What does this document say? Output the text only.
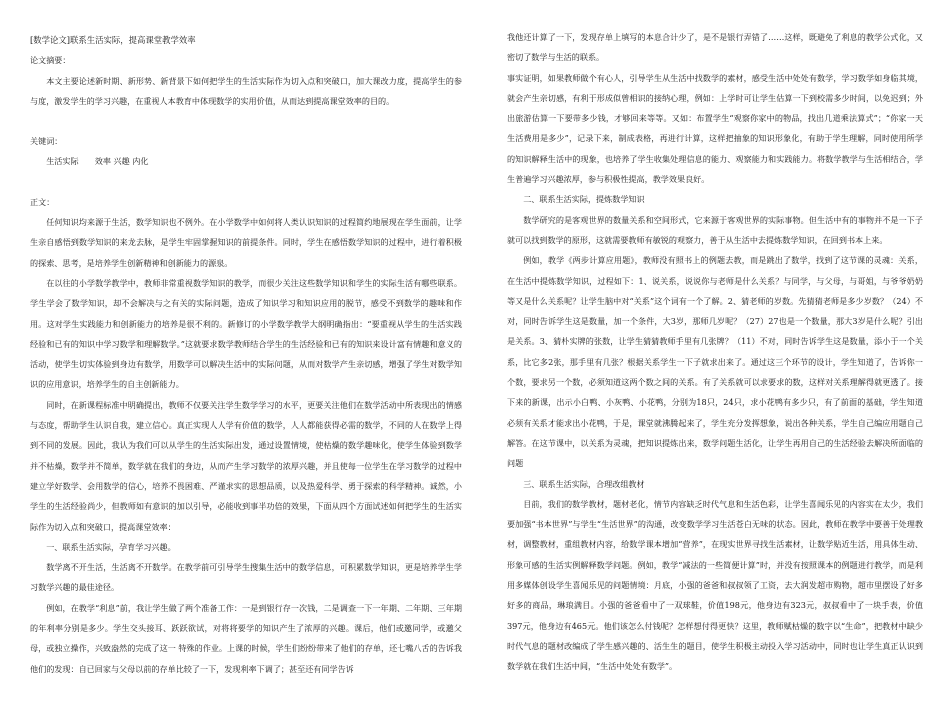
[数学论文]联系生活实际，提高课堂教学效率

论文摘要：

本文主要论述新时期、新形势、新背景下如何把学生的生活实际作为切入点和突破口，加大课改力度，提高学生的参与度，激发学生的学习兴趣，在重视人本教育中体现数学的实用价值，从而达到提高课堂效率的目的。

关键词：

生活实际　　效率 兴趣 内化

正文：

任何知识均来源于生活，数学知识也不例外。在小学数学中如何将人类认识知识的过程简约地展现在学生面前，让学生亲自感悟到数学知识的来龙去脉，是学生牢固掌握知识的前提条件。同时，学生在感悟数学知识的过程中，进行着积极的探索、思考，是培养学生创新精神和创新能力的源泉。

在以往的小学数学教学中，教师非常重视数学知识的教学，而很少关注这些数学知识和学生的实际生活有哪些联系。学生学会了数学知识，却不会解决与之有关的实际问题，造成了知识学习和知识应用的脱节，感受不到数学的趣味和作用。这对学生实践能力和创新能力的培养是很不利的。新修订的小学数学教学大纲明确指出：“要重视从学生的生活实践经验和已有的知识中学习数学和理解数学。”这就要求数学教师结合学生的生活经验和已有的知识来设计富有情趣和意义的活动，使学生切实体验到身边有数学，用数学可以解决生活中的实际问题，从而对数学产生亲切感，增强了学生对数学知识的应用意识，培养学生的自主创新能力。

同时，在新课程标准中明确提出，教师不仅要关注学生数学学习的水平，更要关注他们在数学活动中所表现出的情感与态度，帮助学生认识自我，建立信心。真正实现人人学有价值的数学，人人都能获得必需的数学，不同的人在数学上得到不同的发展。因此，我认为我们可以从学生的生活实际出发，通过设置情境，使枯燥的数学趣味化，使学生体验到数学并不枯燥，数学并不简单，数学就在我们的身边，从而产生学习数学的浓厚兴趣，并且使每一位学生在学习数学的过程中建立学好数学、会用数学的信心，培养不畏困难、严谨求实的思想品质，以及热爱科学、勇于探索的科学精神。诚然，小学生的生活经验尚少，但教师如有意识的加以引导，必能收到事半功倍的效果，下面从四个方面试述如何把学生的生活实际作为切入点和突破口，提高课堂效率：

一、联系生活实际，孕育学习兴趣。

数学离不开生活，生活离不开数学。在教学前可引导学生搜集生活中的数学信息，可积累数学知识，更是培养学生学习数学兴趣的最佳途径。

例如，在教学“利息”前，我让学生做了两个准备工作：一是到银行存一次钱，二是调查一下一年期、二年期、三年期的年利率分别是多少。学生交头接耳、跃跃欲试，对将将要学的知识产生了浓厚的兴趣。课后，他们或邀同学，或邀父母，或独立操作，兴致盎然的完成了这一 特殊的作业。上课的时候，学生们纷纷带来了他们的存单，还七嘴八舌的告诉我他们的发现：自已回家与父母以前的存单比较了一下，发现利率下调了；甚至还有同学告诉

我他还计算了一下，发现存单上填写的本息合计少了，是不是银行弄错了……这样，既避免了利息的教学公式化，又密切了数学与生活的联系。

事实证明，如果教师做个有心人，引导学生从生活中找数学的素材，感受生活中处处有数学，学习数学如身临其境，就会产生亲切感，有利于形成似曾相识的接纳心理，例如：上学时可让学生估算一下到校需多少时间，以免迟到；外出旅游估算一下要带多少钱，才够回来等等。又如：布置学生“观察你家中的物品，找出几道乘法算式”；“你家一天生活费用是多少”，记录下来，制成表格，再进行计算，这样把抽象的知识形象化，有助于学生理解，同时使用所学的知识解释生活中的现象，也培养了学生收集处理信息的能力、观察能力和实践能力。将数学教学与生活相结合，学生普遍学习兴趣浓厚，参与积极性提高，教学效果良好。

二、联系生活实际，提炼数学知识

数学研究的是客观世界的数量关系和空间形式，它来源于客观世界的实际事物。但生活中有的事物并不是一下子就可以找到数学的原形，这就需要教师有敏锐的观察力，善于从生活中去提炼数学知识，在回到书本上来。

例如，教学《两步计算应用题》，教师没有照书上的例题去教，而是跳出了数学，找到了这节课的灵魂：关系，在生活中提炼数学知识，过程如下：1、说关系，说说你与老师是什么关系？与同学，与父母，与哥姐，与爷爷奶奶等又是什么关系呢？让学生脑中对“关系”这个词有一个了解。2、猜老师的岁数。先猜猜老师是多少岁数？（24）不对，同时告诉学生这是数量，加一个条件，大3岁，那师几岁呢？（27）27也是一个数量，那大3岁是什么呢？引出是关系。3、猜朴实牌的张数，让学生猜猜教师手里有几张牌？（11）不对，同时告诉学生这是数量，添小于一个关系，比它多2张，那手里有几张？根据关系学生一下子就求出来了。通过这三个环节的设计，学生知道了，告诉你一个数，要求另一个数，必须知道这两个数之间的关系。有了关系就可以求要求的数，这样对关系理解得就更透了。接下来的新课，出示小白鸭、小灰鸭、小花鸭，分别为18只，24只，求小花鸭有多少只，有了前面的基础，学生知道必须有关系才能求出小花鸭，于是，课堂就沸腾起来了，学生充分发挥想象，说出各种关系，学生自己编应用题自己解答。在这节课中，以关系为灵魂，把知识提炼出来，数学问题生活化，让学生再用自己的生活经验去解决所面临的问题

三、联系生活实际，合理改组教材

目前，我们的数学教材，题材老化，情节内容缺乏时代气息和生活色彩，让学生喜闻乐见的内容实在太少，我们要加强“书本世界”与学生“生活世界”的沟通，改变数学学习生活苍白无味的状态。因此，教师在教学中要善于处理教材，调整教材，重组教材内容，给数学课本增加“营养”，在现实世界寻找生活素材，让数学贴近生活，用具体生动、形象可感的生活实例解释数学问题。例如，教学“减法的一些简便计算”时，并没有按照课本的例题进行教学，而是利用多媒体创设学生喜闻乐见的问题情境：月底，小强的爸爸和叔叔领了工资，去大润发超市购物，超市里摆设了好多好多的商品，琳琅满目。小强的爸爸看中了一双球鞋，价值198元，他身边有323元，叔叔看中了一块手表，价值397元，他身边有465元。他们该怎么付钱呢？怎样想付得更快？这里，教师赋枯燥的数字以“生命”，把教材中缺少时代气息的题材改编成了学生感兴趣的、活生生的题目，使学生积极主动投入学习活动中，同时也让学生真正认识到数学就在我们生活中间，“生活中处处有数学”。
